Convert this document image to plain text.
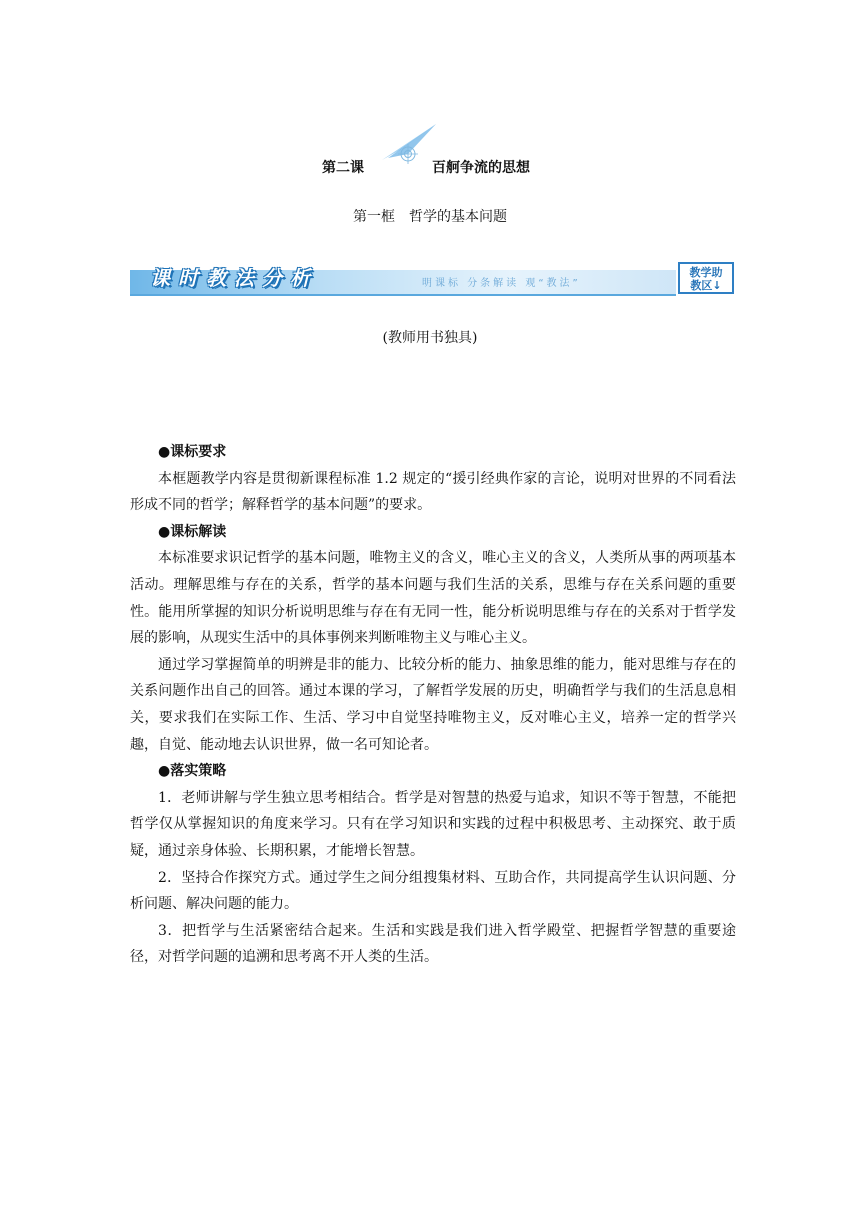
第二课	百舸争流的思想
第一框 哲学的基本问题
课时教法分析	明课标 分条解读 观“教法”
教学助
教区↓
(教师用书独具)
●课标要求

本框题教学内容是贯彻新课程标准 1.2 规定的“援引经典作家的言论，说明对世界的不同看法形成不同的哲学；解释哲学的基本问题”的要求。

●课标解读

本标准要求识记哲学的基本问题，唯物主义的含义，唯心主义的含义，人类所从事的两项基本活动。理解思维与存在的关系，哲学的基本问题与我们生活的关系，思维与存在关系问题的重要性。能用所掌握的知识分析说明思维与存在有无同一性，能分析说明思维与存在的关系对于哲学发展的影响，从现实生活中的具体事例来判断唯物主义与唯心主义。

通过学习掌握简单的明辨是非的能力、比较分析的能力、抽象思维的能力，能对思维与存在的关系问题作出自己的回答。通过本课的学习，了解哲学发展的历史，明确哲学与我们的生活息息相关，要求我们在实际工作、生活、学习中自觉坚持唯物主义，反对唯心主义，培养一定的哲学兴趣，自觉、能动地去认识世界，做一名可知论者。

●落实策略

1．老师讲解与学生独立思考相结合。哲学是对智慧的热爱与追求，知识不等于智慧，不能把哲学仅从掌握知识的角度来学习。只有在学习知识和实践的过程中积极思考、主动探究、敢于质疑，通过亲身体验、长期积累，才能增长智慧。

2．坚持合作探究方式。通过学生之间分组搜集材料、互助合作，共同提高学生认识问题、分析问题、解决问题的能力。

3．把哲学与生活紧密结合起来。生活和实践是我们进入哲学殿堂、把握哲学智慧的重要途径，对哲学问题的追溯和思考离不开人类的生活。
